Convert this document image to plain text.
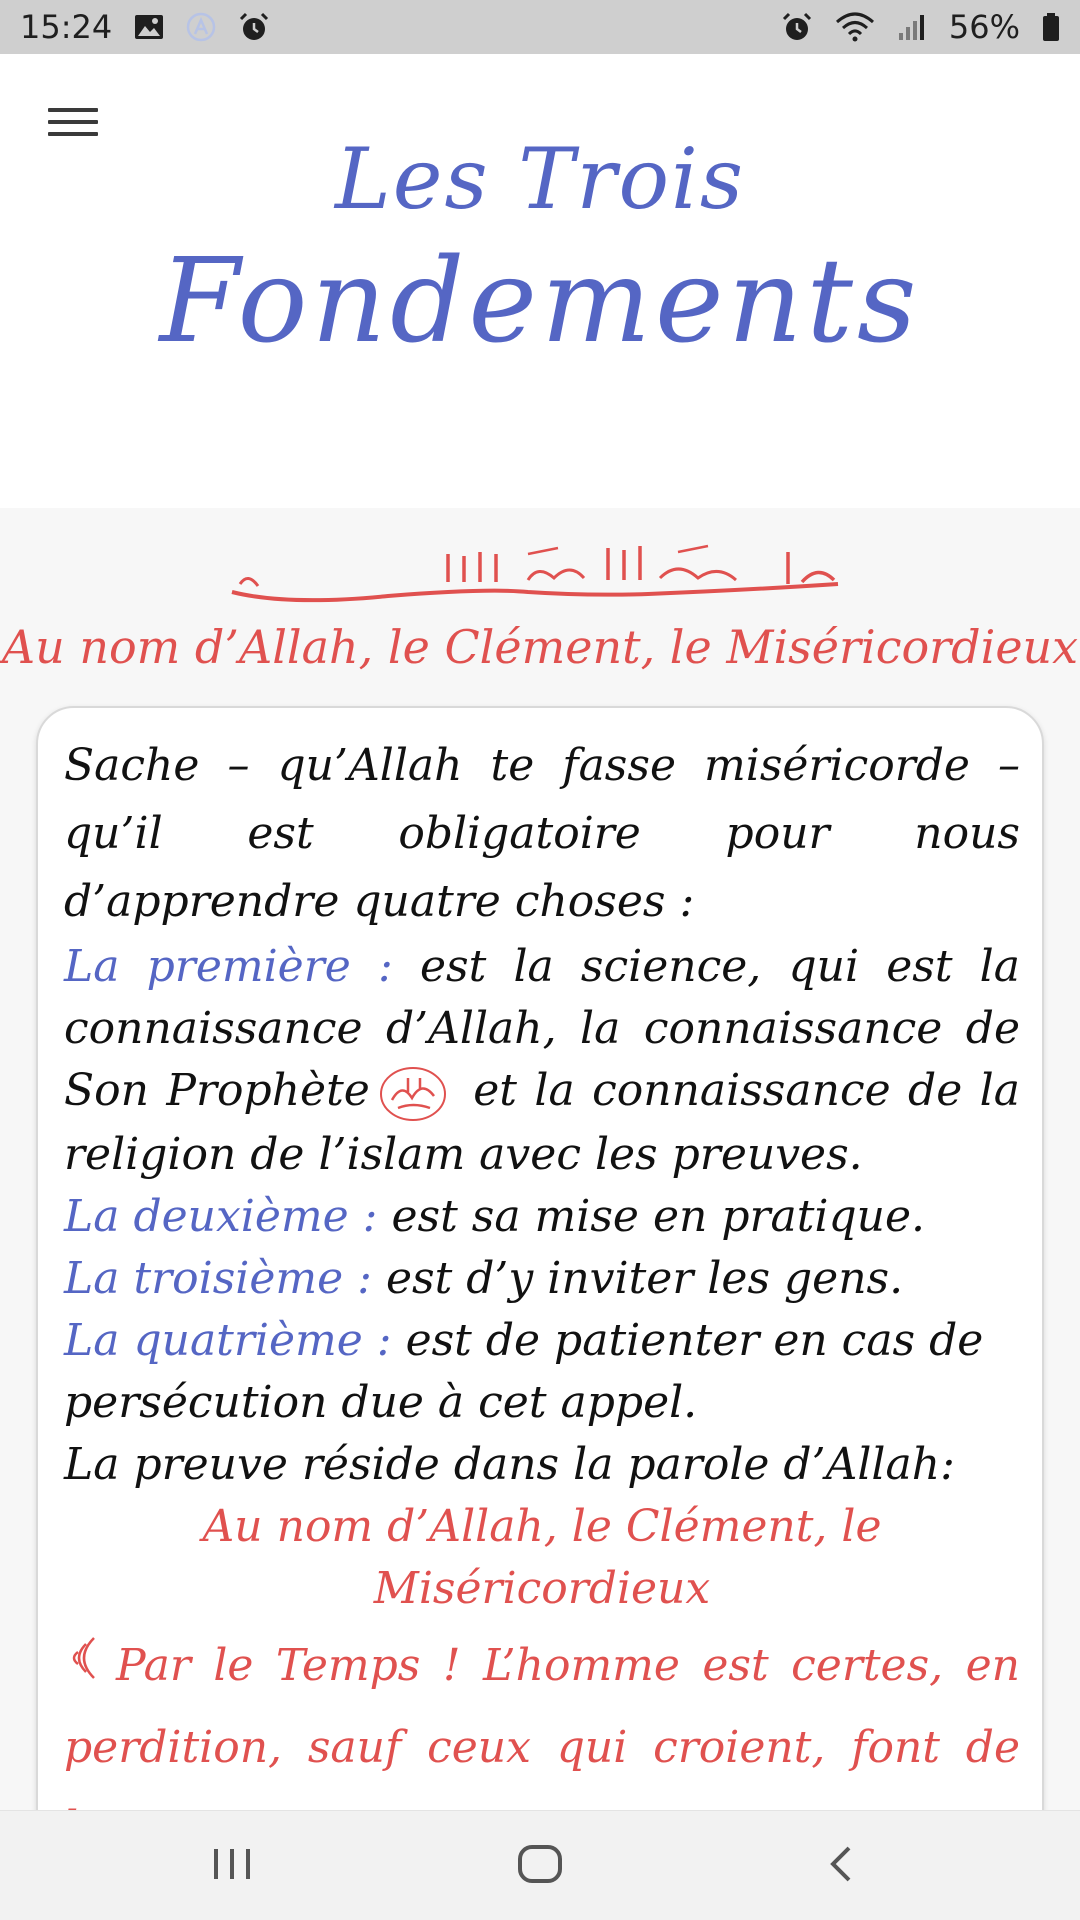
15:24	56%
Les Trois
Fondements
Au nom d’Allah, le Clément, le Miséricordieux

Sache – qu’Allah te fasse miséricorde – qu’il est obligatoire pour nous d’apprendre quatre choses :

La première : est la science, qui est la connaissance d’Allah, la connaissance de Son Prophète
et la connaissance de la religion de l’islam avec les preuves.

La deuxième : est sa mise en pratique.

La troisième : est d’y inviter les gens.

La quatrième : est de patienter en cas de persécution due à cet appel.

La preuve réside dans la parole d’Allah:

Au nom d’Allah, le Clément, le Miséricordieux

Par le Temps ! L’homme est certes, en perdition, sauf ceux qui croient, font de
